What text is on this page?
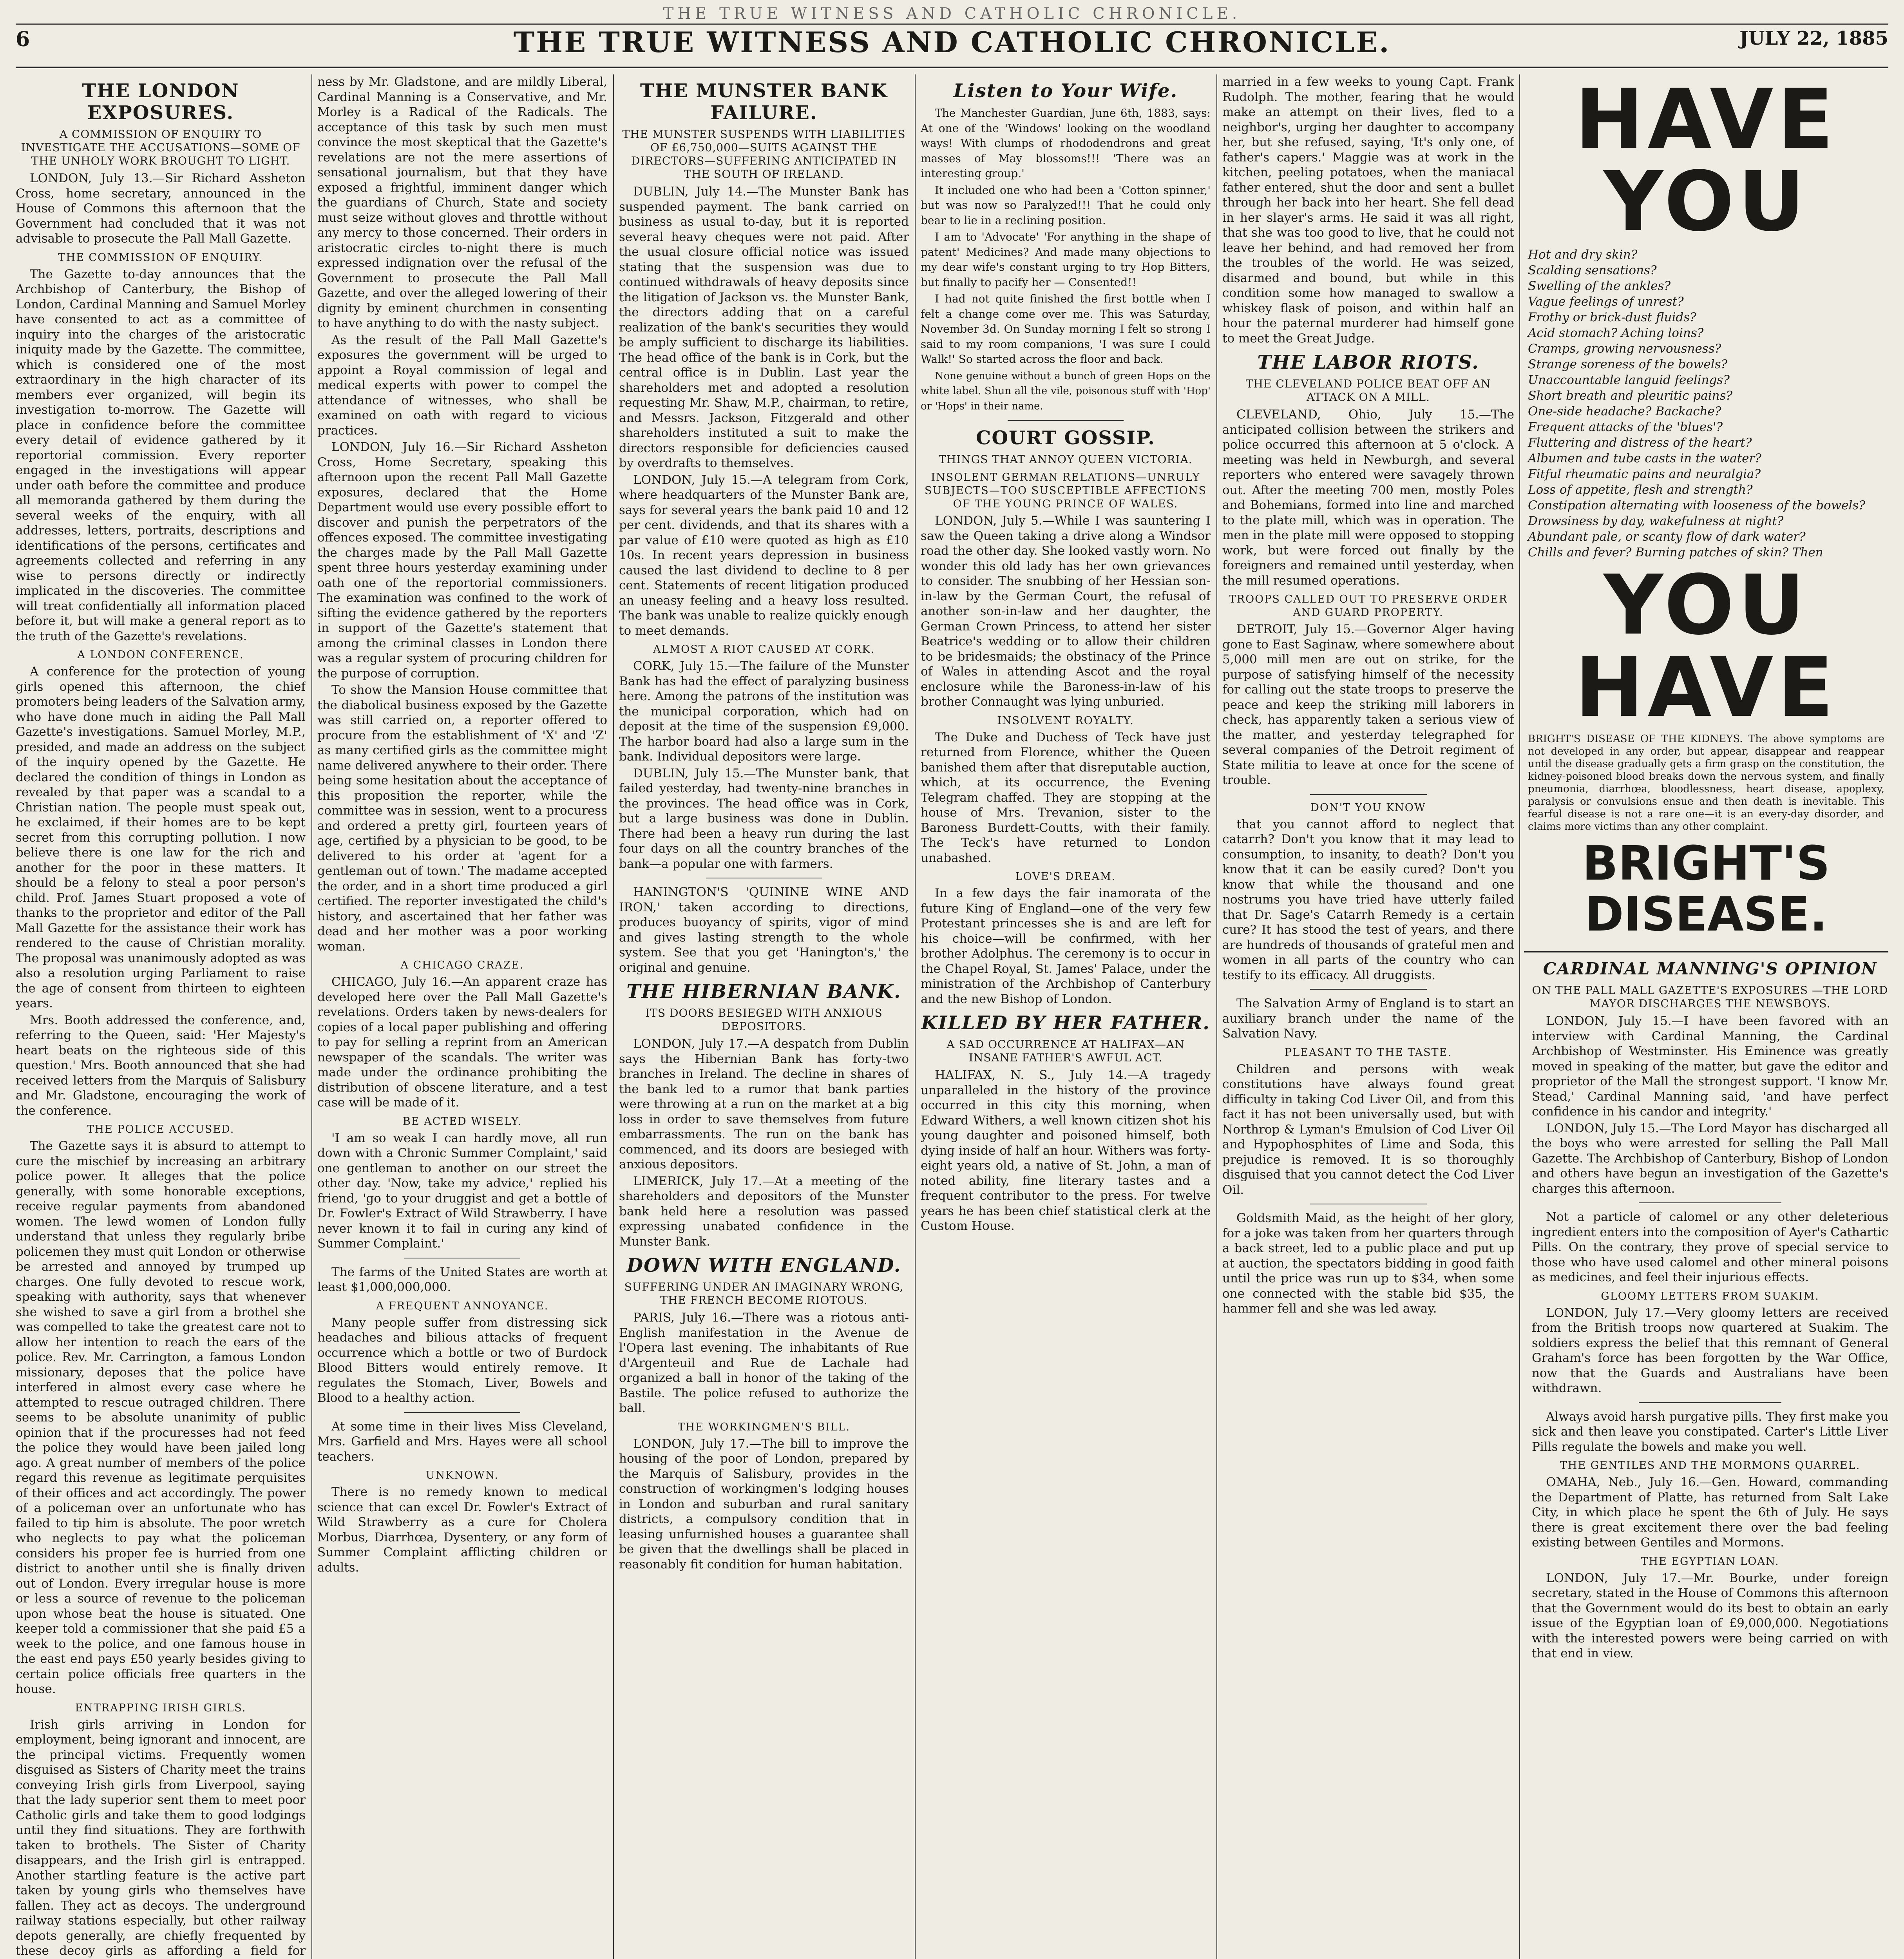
THE TRUE WITNESS AND CATHOLIC CHRONICLE.
6	THE TRUE WITNESS AND CATHOLIC CHRONICLE.	JULY 22, 1885
THE LONDON EXPOSURES.
A COMMISSION OF ENQUIRY TO INVESTIGATE THE ACCUSATIONS—SOME OF THE UNHOLY WORK BROUGHT TO LIGHT.

LONDON, July 13.—Sir Richard Assheton Cross, home secretary, announced in the House of Commons this afternoon that the Government had concluded that it was not advisable to prosecute the Pall Mall Gazette.

THE COMMISSION OF ENQUIRY.

The Gazette to-day announces that the Archbishop of Canterbury, the Bishop of London, Cardinal Manning and Samuel Morley have consented to act as a committee of inquiry into the charges of the aristocratic iniquity made by the Gazette. The committee, which is considered one of the most extraordinary in the high character of its members ever organized, will begin its investigation to-morrow. The Gazette will place in confidence before the committee every detail of evidence gathered by it reportorial commission. Every reporter engaged in the investigations will appear under oath before the committee and produce all memoranda gathered by them during the several weeks of the enquiry, with all addresses, letters, portraits, descriptions and identifications of the persons, certificates and agreements collected and referring in any wise to persons directly or indirectly implicated in the discoveries. The committee will treat confidentially all information placed before it, but will make a general report as to the truth of the Gazette's revelations.

A LONDON CONFERENCE.

A conference for the protection of young girls opened this afternoon, the chief promoters being leaders of the Salvation army, who have done much in aiding the Pall Mall Gazette's investigations. Samuel Morley, M.P., presided, and made an address on the subject of the inquiry opened by the Gazette. He declared the condition of things in London as revealed by that paper was a scandal to a Christian nation. The people must speak out, he exclaimed, if their homes are to be kept secret from this corrupting pollution. I now believe there is one law for the rich and another for the poor in these matters. It should be a felony to steal a poor person's child. Prof. James Stuart proposed a vote of thanks to the proprietor and editor of the Pall Mall Gazette for the assistance their work has rendered to the cause of Christian morality. The proposal was unanimously adopted as was also a resolution urging Parliament to raise the age of consent from thirteen to eighteen years.

Mrs. Booth addressed the conference, and, referring to the Queen, said: 'Her Majesty's heart beats on the righteous side of this question.' Mrs. Booth announced that she had received letters from the Marquis of Salisbury and Mr. Gladstone, encouraging the work of the conference.

THE POLICE ACCUSED.

The Gazette says it is absurd to attempt to cure the mischief by increasing an arbitrary police power. It alleges that the police generally, with some honorable exceptions, receive regular payments from abandoned women. The lewd women of London fully understand that unless they regularly bribe policemen they must quit London or otherwise be arrested and annoyed by trumped up charges. One fully devoted to rescue work, speaking with authority, says that whenever she wished to save a girl from a brothel she was compelled to take the greatest care not to allow her intention to reach the ears of the police. Rev. Mr. Carrington, a famous London missionary, deposes that the police have interfered in almost every case where he attempted to rescue outraged children. There seems to be absolute unanimity of public opinion that if the procuresses had not feed the police they would have been jailed long ago. A great number of members of the police regard this revenue as legitimate perquisites of their offices and act accordingly. The power of a policeman over an unfortunate who has failed to tip him is absolute. The poor wretch who neglects to pay what the policeman considers his proper fee is hurried from one district to another until she is finally driven out of London. Every irregular house is more or less a source of revenue to the policeman upon whose beat the house is situated. One keeper told a commissioner that she paid £5 a week to the police, and one famous house in the east end pays £50 yearly besides giving to certain police officials free quarters in the house.

ENTRAPPING IRISH GIRLS.

Irish girls arriving in London for employment, being ignorant and innocent, are the principal victims. Frequently women disguised as Sisters of Charity meet the trains conveying Irish girls from Liverpool, saying that the lady superior sent them to meet poor Catholic girls and take them to good lodgings until they find situations. They are forthwith taken to brothels. The Sister of Charity disappears, and the Irish girl is entrapped. Another startling feature is the active part taken by young girls who themselves have fallen. They act as decoys. The underground railway stations especially, but other railway depots generally, are chiefly frequented by these decoy girls as affording a field for

ness by Mr. Gladstone, and are mildly Liberal, Cardinal Manning is a Conservative, and Mr. Morley is a Radical of the Radicals. The acceptance of this task by such men must convince the most skeptical that the Gazette's revelations are not the mere assertions of sensational journalism, but that they have exposed a frightful, imminent danger which the guardians of Church, State and society must seize without gloves and throttle without any mercy to those concerned. Their orders in aristocratic circles to-night there is much expressed indignation over the refusal of the Government to prosecute the Pall Mall Gazette, and over the alleged lowering of their dignity by eminent churchmen in consenting to have anything to do with the nasty subject.

As the result of the Pall Mall Gazette's exposures the government will be urged to appoint a Royal commission of legal and medical experts with power to compel the attendance of witnesses, who shall be examined on oath with regard to vicious practices.

LONDON, July 16.—Sir Richard Assheton Cross, Home Secretary, speaking this afternoon upon the recent Pall Mall Gazette exposures, declared that the Home Department would use every possible effort to discover and punish the perpetrators of the offences exposed. The committee investigating the charges made by the Pall Mall Gazette spent three hours yesterday examining under oath one of the reportorial commissioners. The examination was confined to the work of sifting the evidence gathered by the reporters in support of the Gazette's statement that among the criminal classes in London there was a regular system of procuring children for the purpose of corruption.

To show the Mansion House committee that the diabolical business exposed by the Gazette was still carried on, a reporter offered to procure from the establishment of 'X' and 'Z' as many certified girls as the committee might name delivered anywhere to their order. There being some hesitation about the acceptance of this proposition the reporter, while the committee was in session, went to a procuress and ordered a pretty girl, fourteen years of age, certified by a physician to be good, to be delivered to his order at 'agent for a gentleman out of town.' The madame accepted the order, and in a short time produced a girl certified. The reporter investigated the child's history, and ascertained that her father was dead and her mother was a poor working woman.

A CHICAGO CRAZE.

CHICAGO, July 16.—An apparent craze has developed here over the Pall Mall Gazette's revelations. Orders taken by news-dealers for copies of a local paper publishing and offering to pay for selling a reprint from an American newspaper of the scandals. The writer was made under the ordinance prohibiting the distribution of obscene literature, and a test case will be made of it.

BE ACTED WISELY.

'I am so weak I can hardly move, all run down with a Chronic Summer Complaint,' said one gentleman to another on our street the other day. 'Now, take my advice,' replied his friend, 'go to your druggist and get a bottle of Dr. Fowler's Extract of Wild Strawberry. I have never known it to fail in curing any kind of Summer Complaint.'

The farms of the United States are worth at least $1,000,000,000.

A FREQUENT ANNOYANCE.

Many people suffer from distressing sick headaches and bilious attacks of frequent occurrence which a bottle or two of Burdock Blood Bitters would entirely remove. It regulates the Stomach, Liver, Bowels and Blood to a healthy action.

At some time in their lives Miss Cleveland, Mrs. Garfield and Mrs. Hayes were all school teachers.

UNKNOWN.

There is no remedy known to medical science that can excel Dr. Fowler's Extract of Wild Strawberry as a cure for Cholera Morbus, Diarrhœa, Dysentery, or any form of Summer Complaint afflicting children or adults.

THE MUNSTER BANK FAILURE.
THE MUNSTER SUSPENDS WITH LIABILITIES OF £6,750,000—SUITS AGAINST THE DIRECTORS—SUFFERING ANTICIPATED IN THE SOUTH OF IRELAND.

DUBLIN, July 14.—The Munster Bank has suspended payment. The bank carried on business as usual to-day, but it is reported several heavy cheques were not paid. After the usual closure official notice was issued stating that the suspension was due to continued withdrawals of heavy deposits since the litigation of Jackson vs. the Munster Bank, the directors adding that on a careful realization of the bank's securities they would be amply sufficient to discharge its liabilities. The head office of the bank is in Cork, but the central office is in Dublin. Last year the shareholders met and adopted a resolution requesting Mr. Shaw, M.P., chairman, to retire, and Messrs. Jackson, Fitzgerald and other shareholders instituted a suit to make the directors responsible for deficiencies caused by overdrafts to themselves.

LONDON, July 15.—A telegram from Cork, where headquarters of the Munster Bank are, says for several years the bank paid 10 and 12 per cent. dividends, and that its shares with a par value of £10 were quoted as high as £10 10s. In recent years depression in business caused the last dividend to decline to 8 per cent. Statements of recent litigation produced an uneasy feeling and a heavy loss resulted. The bank was unable to realize quickly enough to meet demands.

ALMOST A RIOT CAUSED AT CORK.

CORK, July 15.—The failure of the Munster Bank has had the effect of paralyzing business here. Among the patrons of the institution was the municipal corporation, which had on deposit at the time of the suspension £9,000. The harbor board had also a large sum in the bank. Individual depositors were large.

DUBLIN, July 15.—The Munster bank, that failed yesterday, had twenty-nine branches in the provinces. The head office was in Cork, but a large business was done in Dublin. There had been a heavy run during the last four days on all the country branches of the bank—a popular one with farmers.

HANINGTON'S 'QUININE WINE AND IRON,' taken according to directions, produces buoyancy of spirits, vigor of mind and gives lasting strength to the whole system. See that you get 'Hanington's,' the original and genuine.

THE HIBERNIAN BANK.
ITS DOORS BESIEGED WITH ANXIOUS DEPOSITORS.

LONDON, July 17.—A despatch from Dublin says the Hibernian Bank has forty-two branches in Ireland. The decline in shares of the bank led to a rumor that bank parties were throwing at a run on the market at a big loss in order to save themselves from future embarrassments. The run on the bank has commenced, and its doors are besieged with anxious depositors.

LIMERICK, July 17.—At a meeting of the shareholders and depositors of the Munster bank held here a resolution was passed expressing unabated confidence in the Munster Bank.

DOWN WITH ENGLAND.
SUFFERING UNDER AN IMAGINARY WRONG, THE FRENCH BECOME RIOTOUS.

PARIS, July 16.—There was a riotous anti-English manifestation in the Avenue de l'Opera last evening. The inhabitants of Rue d'Argenteuil and Rue de Lachale had organized a ball in honor of the taking of the Bastile. The police refused to authorize the ball.

THE WORKINGMEN'S BILL.

LONDON, July 17.—The bill to improve the housing of the poor of London, prepared by the Marquis of Salisbury, provides in the construction of workingmen's lodging houses in London and suburban and rural sanitary districts, a compulsory condition that in leasing unfurnished houses a guarantee shall be given that the dwellings shall be placed in reasonably fit condition for human habitation.

Listen to Your Wife.

The Manchester Guardian, June 6th, 1883, says: At one of the 'Windows' looking on the woodland ways! With clumps of rhododendrons and great masses of May blossoms!!! 'There was an interesting group.'

It included one who had been a 'Cotton spinner,' but was now so Paralyzed!!! That he could only bear to lie in a reclining position.

I am to 'Advocate' 'For anything in the shape of patent' Medicines? And made many objections to my dear wife's constant urging to try Hop Bitters, but finally to pacify her — Consented!!

I had not quite finished the first bottle when I felt a change come over me. This was Saturday, November 3d. On Sunday morning I felt so strong I said to my room companions, 'I was sure I could Walk!' So started across the floor and back.

None genuine without a bunch of green Hops on the white label. Shun all the vile, poisonous stuff with 'Hop' or 'Hops' in their name.

COURT GOSSIP.
THINGS THAT ANNOY QUEEN VICTORIA.
INSOLENT GERMAN RELATIONS—UNRULY SUBJECTS—TOO SUSCEPTIBLE AFFECTIONS OF THE YOUNG PRINCE OF WALES.

LONDON, July 5.—While I was sauntering I saw the Queen taking a drive along a Windsor road the other day. She looked vastly worn. No wonder this old lady has her own grievances to consider. The snubbing of her Hessian son-in-law by the German Court, the refusal of another son-in-law and her daughter, the German Crown Princess, to attend her sister Beatrice's wedding or to allow their children to be bridesmaids; the obstinacy of the Prince of Wales in attending Ascot and the royal enclosure while the Baroness-in-law of his brother Connaught was lying unburied.

INSOLVENT ROYALTY.

The Duke and Duchess of Teck have just returned from Florence, whither the Queen banished them after that disreputable auction, which, at its occurrence, the Evening Telegram chaffed. They are stopping at the house of Mrs. Trevanion, sister to the Baroness Burdett-Coutts, with their family. The Teck's have returned to London unabashed.

LOVE'S DREAM.

In a few days the fair inamorata of the future King of England—one of the very few Protestant princesses she is and are left for his choice—will be confirmed, with her brother Adolphus. The ceremony is to occur in the Chapel Royal, St. James' Palace, under the ministration of the Archbishop of Canterbury and the new Bishop of London.

KILLED BY HER FATHER.
A SAD OCCURRENCE AT HALIFAX—AN INSANE FATHER'S AWFUL ACT.

HALIFAX, N. S., July 14.—A tragedy unparalleled in the history of the province occurred in this city this morning, when Edward Withers, a well known citizen shot his young daughter and poisoned himself, both dying inside of half an hour. Withers was forty-eight years old, a native of St. John, a man of noted ability, fine literary tastes and a frequent contributor to the press. For twelve years he has been chief statistical clerk at the Custom House.

married in a few weeks to young Capt. Frank Rudolph. The mother, fearing that he would make an attempt on their lives, fled to a neighbor's, urging her daughter to accompany her, but she refused, saying, 'It's only one, of father's capers.' Maggie was at work in the kitchen, peeling potatoes, when the maniacal father entered, shut the door and sent a bullet through her back into her heart. She fell dead in her slayer's arms. He said it was all right, that she was too good to live, that he could not leave her behind, and had removed her from the troubles of the world. He was seized, disarmed and bound, but while in this condition some how managed to swallow a whiskey flask of poison, and within half an hour the paternal murderer had himself gone to meet the Great Judge.

THE LABOR RIOTS.
THE CLEVELAND POLICE BEAT OFF AN ATTACK ON A MILL.

CLEVELAND, Ohio, July 15.—The anticipated collision between the strikers and police occurred this afternoon at 5 o'clock. A meeting was held in Newburgh, and several reporters who entered were savagely thrown out. After the meeting 700 men, mostly Poles and Bohemians, formed into line and marched to the plate mill, which was in operation. The men in the plate mill were opposed to stopping work, but were forced out finally by the foreigners and remained until yesterday, when the mill resumed operations.

TROOPS CALLED OUT TO PRESERVE ORDER AND GUARD PROPERTY.

DETROIT, July 15.—Governor Alger having gone to East Saginaw, where somewhere about 5,000 mill men are out on strike, for the purpose of satisfying himself of the necessity for calling out the state troops to preserve the peace and keep the striking mill laborers in check, has apparently taken a serious view of the matter, and yesterday telegraphed for several companies of the Detroit regiment of State militia to leave at once for the scene of trouble.

DON'T YOU KNOW

that you cannot afford to neglect that catarrh? Don't you know that it may lead to consumption, to insanity, to death? Don't you know that it can be easily cured? Don't you know that while the thousand and one nostrums you have tried have utterly failed that Dr. Sage's Catarrh Remedy is a certain cure? It has stood the test of years, and there are hundreds of thousands of grateful men and women in all parts of the country who can testify to its efficacy. All druggists.

The Salvation Army of England is to start an auxiliary branch under the name of the Salvation Navy.

PLEASANT TO THE TASTE.

Children and persons with weak constitutions have always found great difficulty in taking Cod Liver Oil, and from this fact it has not been universally used, but with Northrop & Lyman's Emulsion of Cod Liver Oil and Hypophosphites of Lime and Soda, this prejudice is removed. It is so thoroughly disguised that you cannot detect the Cod Liver Oil.

Goldsmith Maid, as the height of her glory, for a joke was taken from her quarters through a back street, led to a public place and put up at auction, the spectators bidding in good faith until the price was run up to $34, when some one connected with the stable bid $35, the hammer fell and she was led away.

HAVE YOU
Hot and dry skin?
Scalding sensations?
Swelling of the ankles?
Vague feelings of unrest?
Frothy or brick-dust fluids?
Acid stomach? Aching loins?
Cramps, growing nervousness?
Strange soreness of the bowels?
Unaccountable languid feelings?
Short breath and pleuritic pains?
One-side headache? Backache?
Frequent attacks of the 'blues'?
Fluttering and distress of the heart?
Albumen and tube casts in the water?
Fitful rheumatic pains and neuralgia?
Loss of appetite, flesh and strength?
Constipation alternating with looseness of the bowels?
Drowsiness by day, wakefulness at night?
Abundant pale, or scanty flow of dark water?
Chills and fever? Burning patches of skin? Then
YOU HAVE
BRIGHT'S DISEASE OF THE KIDNEYS. The above symptoms are not developed in any order, but appear, disappear and reappear until the disease gradually gets a firm grasp on the constitution, the kidney-poisoned blood breaks down the nervous system, and finally pneumonia, diarrhœa, bloodlessness, heart disease, apoplexy, paralysis or convulsions ensue and then death is inevitable. This fearful disease is not a rare one—it is an every-day disorder, and claims more victims than any other complaint.
BRIGHT'S DISEASE.
CARDINAL MANNING'S OPINION
ON THE PALL MALL GAZETTE'S EXPOSURES —THE LORD MAYOR DISCHARGES THE NEWSBOYS.

LONDON, July 15.—I have been favored with an interview with Cardinal Manning, the Cardinal Archbishop of Westminster. His Eminence was greatly moved in speaking of the matter, but gave the editor and proprietor of the Mall the strongest support. 'I know Mr. Stead,' Cardinal Manning said, 'and have perfect confidence in his candor and integrity.'

LONDON, July 15.—The Lord Mayor has discharged all the boys who were arrested for selling the Pall Mall Gazette. The Archbishop of Canterbury, Bishop of London and others have begun an investigation of the Gazette's charges this afternoon.

Not a particle of calomel or any other deleterious ingredient enters into the composition of Ayer's Cathartic Pills. On the contrary, they prove of special service to those who have used calomel and other mineral poisons as medicines, and feel their injurious effects.

GLOOMY LETTERS FROM SUAKIM.

LONDON, July 17.—Very gloomy letters are received from the British troops now quartered at Suakim. The soldiers express the belief that this remnant of General Graham's force has been forgotten by the War Office, now that the Guards and Australians have been withdrawn.

Always avoid harsh purgative pills. They first make you sick and then leave you constipated. Carter's Little Liver Pills regulate the bowels and make you well.

THE GENTILES AND THE MORMONS QUARREL.

OMAHA, Neb., July 16.—Gen. Howard, commanding the Department of Platte, has returned from Salt Lake City, in which place he spent the 6th of July. He says there is great excitement there over the bad feeling existing between Gentiles and Mormons.

THE EGYPTIAN LOAN.

LONDON, July 17.—Mr. Bourke, under foreign secretary, stated in the House of Commons this afternoon that the Government would do its best to obtain an early issue of the Egyptian loan of £9,000,000. Negotiations with the interested powers were being carried on with that end in view.
